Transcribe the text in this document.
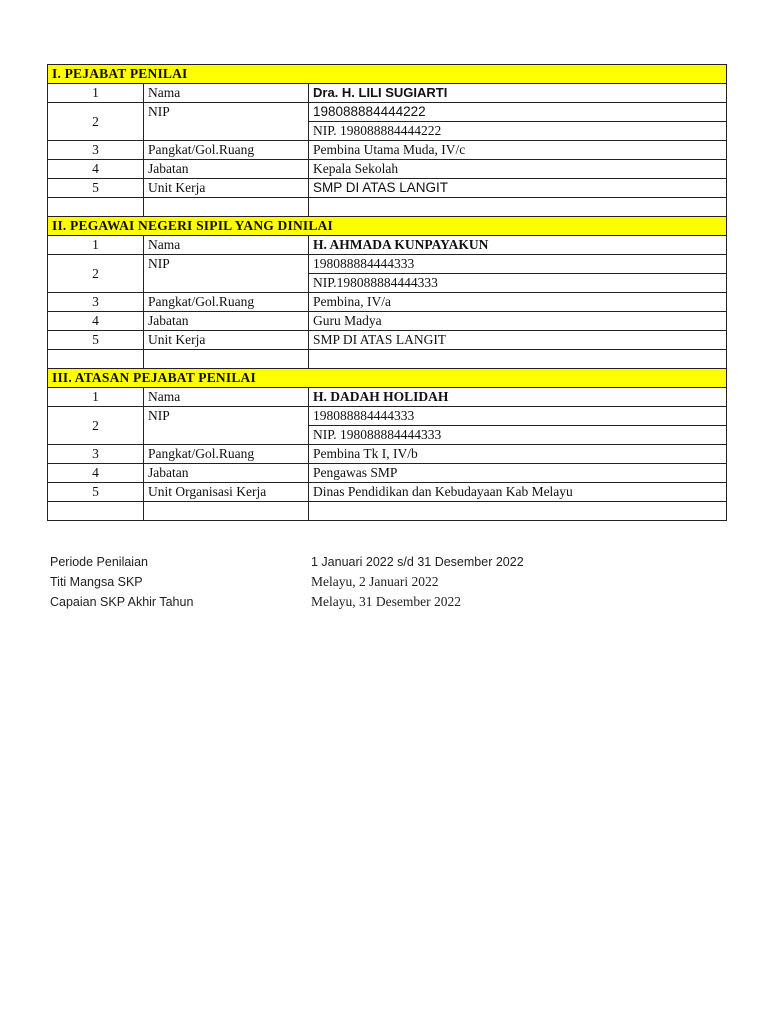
I. PEJABAT PENILAI		
1	Nama	Dra. H. LILI SUGIARTI
2	NIP	198088884444222
		NIP. 198088884444222
3	Pangkat/Gol.Ruang	Pembina Utama Muda, IV/c
4	Jabatan	Kepala Sekolah
5	Unit Kerja	SMP DI ATAS LANGIT

II. PEGAWAI NEGERI SIPIL YANG DINILAI		
1	Nama	H. AHMADA KUNPAYAKUN
2	NIP	198088884444333
		NIP.198088884444333
3	Pangkat/Gol.Ruang	Pembina, IV/a
4	Jabatan	Guru Madya
5	Unit Kerja	SMP DI ATAS LANGIT

III. ATASAN PEJABAT PENILAI		
1	Nama	H. DADAH HOLIDAH
2	NIP	198088884444333
		NIP. 198088884444333
3	Pangkat/Gol.Ruang	Pembina Tk I, IV/b
4	Jabatan	Pengawas SMP
5	Unit Organisasi Kerja	Dinas Pendidikan dan Kebudayaan Kab Melayu

Periode Penilaian	1 Januari 2022 s/d 31 Desember 2022
Titi Mangsa SKP	Melayu, 2 Januari 2022
Capaian SKP Akhir Tahun	Melayu, 31 Desember 2022
